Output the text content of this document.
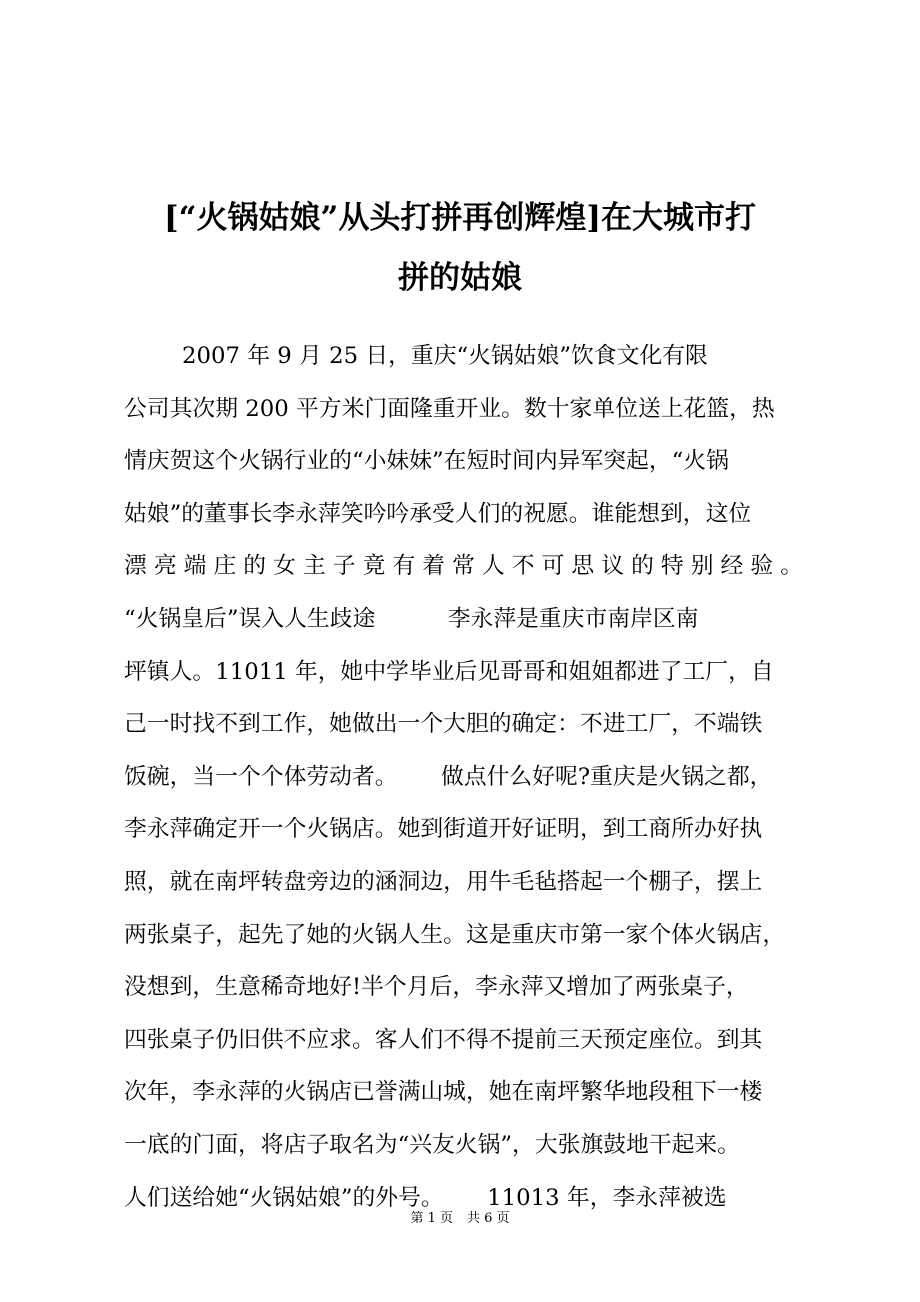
[“火锅姑娘”从头打拼再创辉煌]在大城市打
拼的姑娘
2007 年 9 月 25 日，重庆“火锅姑娘”饮食文化有限
公司其次期 200 平方米门面隆重开业。数十家单位送上花篮，热
情庆贺这个火锅行业的“小妹妹”在短时间内异军突起，“火锅
姑娘”的董事长李永萍笑吟吟承受人们的祝愿。谁能想到，这位
漂亮端庄的女主子竟有着常人不可思议的特别经验。
“火锅皇后”误入人生歧途          李永萍是重庆市南岸区南
坪镇人。11011 年，她中学毕业后见哥哥和姐姐都进了工厂，自
己一时找不到工作，她做出一个大胆的确定：不进工厂，不端铁
饭碗，当一个个体劳动者。      做点什么好呢?重庆是火锅之都，
李永萍确定开一个火锅店。她到街道开好证明，到工商所办好执
照，就在南坪转盘旁边的涵洞边，用牛毛毡搭起一个棚子，摆上
两张桌子，起先了她的火锅人生。这是重庆市第一家个体火锅店，
没想到，生意稀奇地好!半个月后，李永萍又增加了两张桌子，
四张桌子仍旧供不应求。客人们不得不提前三天预定座位。到其
次年，李永萍的火锅店已誉满山城，她在南坪繁华地段租下一楼
一底的门面，将店子取名为“兴友火锅”，大张旗鼓地干起来。
人们送给她“火锅姑娘”的外号。      11013 年，李永萍被选
第 1 页 共 6 页
